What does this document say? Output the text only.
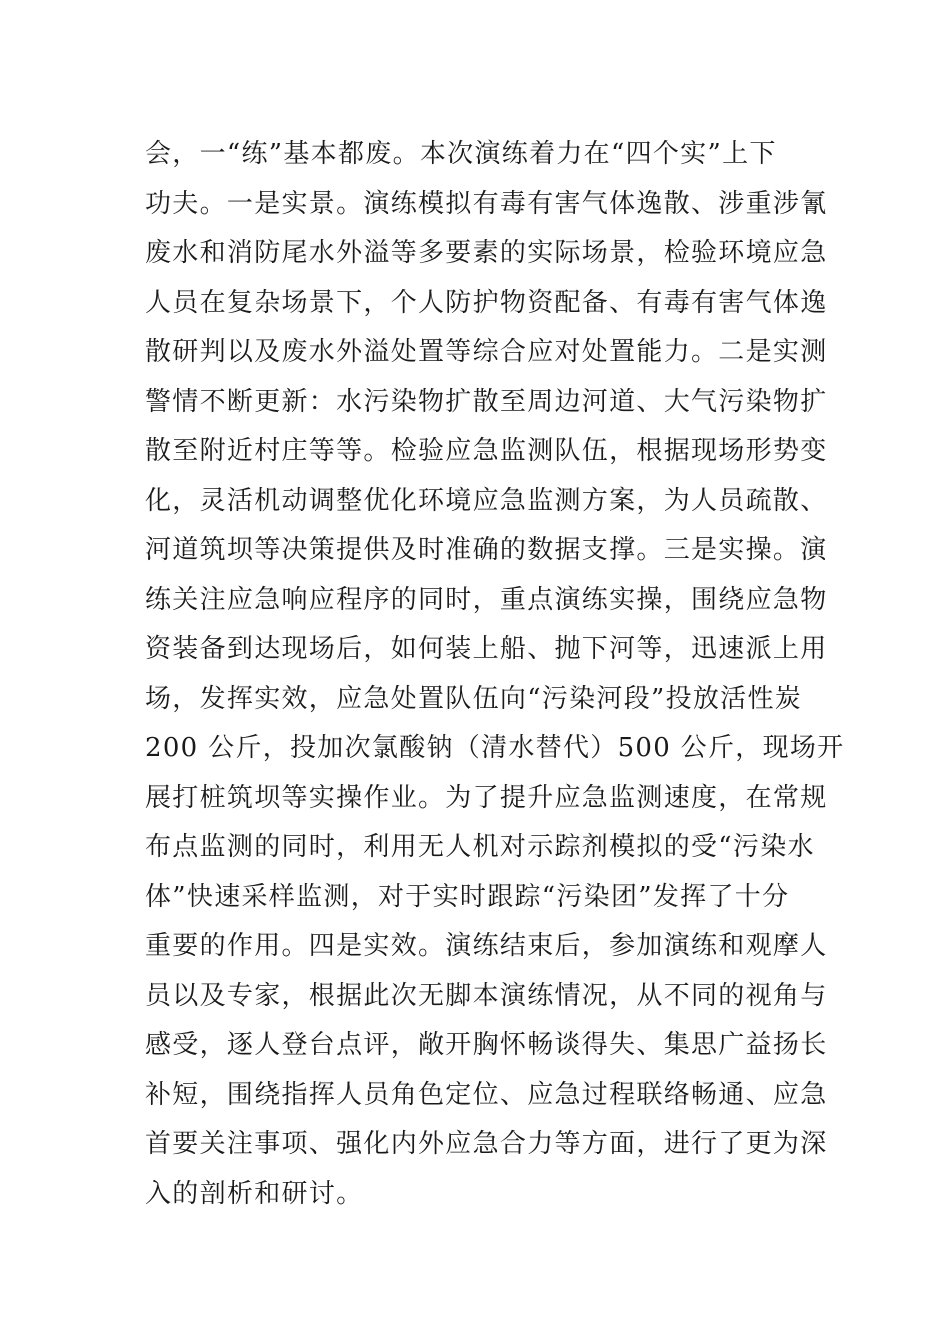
会，一“练”基本都废。本次演练着力在“四个实”上下
功夫。一是实景。演练模拟有毒有害气体逸散、涉重涉氰
废水和消防尾水外溢等多要素的实际场景，检验环境应急
人员在复杂场景下，个人防护物资配备、有毒有害气体逸
散研判以及废水外溢处置等综合应对处置能力。二是实测
警情不断更新：水污染物扩散至周边河道、大气污染物扩
散至附近村庄等等。检验应急监测队伍，根据现场形势变
化，灵活机动调整优化环境应急监测方案，为人员疏散、
河道筑坝等决策提供及时准确的数据支撑。三是实操。演
练关注应急响应程序的同时，重点演练实操，围绕应急物
资装备到达现场后，如何装上船、抛下河等，迅速派上用
场，发挥实效，应急处置队伍向“污染河段”投放活性炭
200 公斤，投加次氯酸钠（清水替代）500 公斤，现场开
展打桩筑坝等实操作业。为了提升应急监测速度，在常规
布点监测的同时，利用无人机对示踪剂模拟的受“污染水
体”快速采样监测，对于实时跟踪“污染团”发挥了十分
重要的作用。四是实效。演练结束后，参加演练和观摩人
员以及专家，根据此次无脚本演练情况，从不同的视角与
感受，逐人登台点评，敞开胸怀畅谈得失、集思广益扬长
补短，围绕指挥人员角色定位、应急过程联络畅通、应急
首要关注事项、强化内外应急合力等方面，进行了更为深
入的剖析和研讨。
